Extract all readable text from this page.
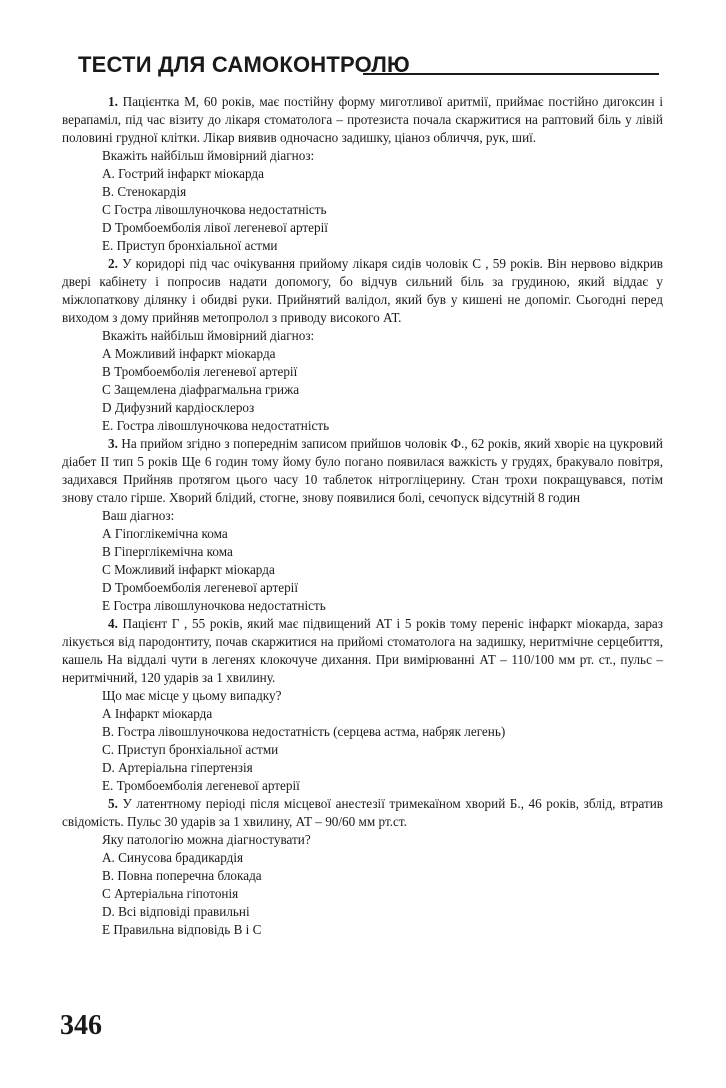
ТЕСТИ ДЛЯ САМОКОНТРОЛЮ

1. Пацієнтка М, 60 років, має постійну форму миготливої аритмії, приймає постійно дигоксин і верапаміл, під час візиту до лікаря стоматолога – протезиста почала скаржитися на раптовий біль у лівій половині грудної клітки. Лікар виявив одночасно задишку, ціаноз обличчя, рук, шиї.

Вкажіть найбільш ймовірний діагноз:

А. Гострий інфаркт міокарда
В. Стенокардія
С Гостра лівошлуночкова недостатність
D Тромбоемболія лівої легеневої артерії
Е. Приступ бронхіальної астми

2. У коридорі під час очікування прийому лікаря сидів чоловік С , 59 років. Він нервово відкрив двері кабінету і попросив надати допомогу, бо відчув сильний біль за грудиною, який віддає у міжлопаткову ділянку і обидві руки. Прийнятий валідол, який був у кишені не допоміг. Сьогодні перед виходом з дому прийняв метопролол з приводу високого АТ.

Вкажіть найбільш ймовірний діагноз:

А Можливий інфаркт міокарда
В Тромбоемболія легеневої артерії
С Защемлена діафрагмальна грижа
D Дифузний кардіосклероз
Е. Гостра лівошлуночкова недостатність

3. На прийом згідно з попереднім записом прийшов чоловік Ф., 62 років, який хворіє на цукровий діабет II тип 5 років Ще 6 годин тому йому було погано появилася важкість у грудях, бракувало повітря, задихався Прийняв протягом цього часу 10 таблеток нітрогліцерину. Стан трохи покращувався, потім знову стало гірше. Хворий блідий, стогне, знову появилися болі, сечопуск відсутній 8 годин

Ваш діагноз:

А Гіпоглікемічна кома
В Гіперглікемічна кома
С Можливий інфаркт міокарда
D Тромбоемболія легеневої артерії
Е Гостра лівошлуночкова недостатність

4. Пацієнт Г , 55 років, який має підвищений АТ і 5 років тому переніс інфаркт міокарда, зараз лікується від пародонтиту, почав скаржитися на прийомі стоматолога на задишку, неритмічне серцебиття, кашель На віддалі чути в легенях клокочуче дихання. При вимірюванні АТ – 110/100 мм рт. ст., пульс – неритмічний, 120 ударів за 1 хвилину.

Що має місце у цьому випадку?

А Інфаркт міокарда
В. Гостра лівошлуночкова недостатність (серцева астма, набряк легень)
С. Приступ бронхіальної астми
D. Артеріальна гіпертензія
Е. Тромбоемболія легеневої артерії

5. У латентному періоді після місцевої анестезії тримекаїном хворий Б., 46 років, зблід, втратив свідомість. Пульс 30 ударів за 1 хвилину, АТ – 90/60 мм рт.ст.

Яку патологію можна діагностувати?

А. Синусова брадикардія
В. Повна поперечна блокада
С Артеріальна гіпотонія
D. Всі відповіді правильні
Е Правильна відповідь В і С
346
